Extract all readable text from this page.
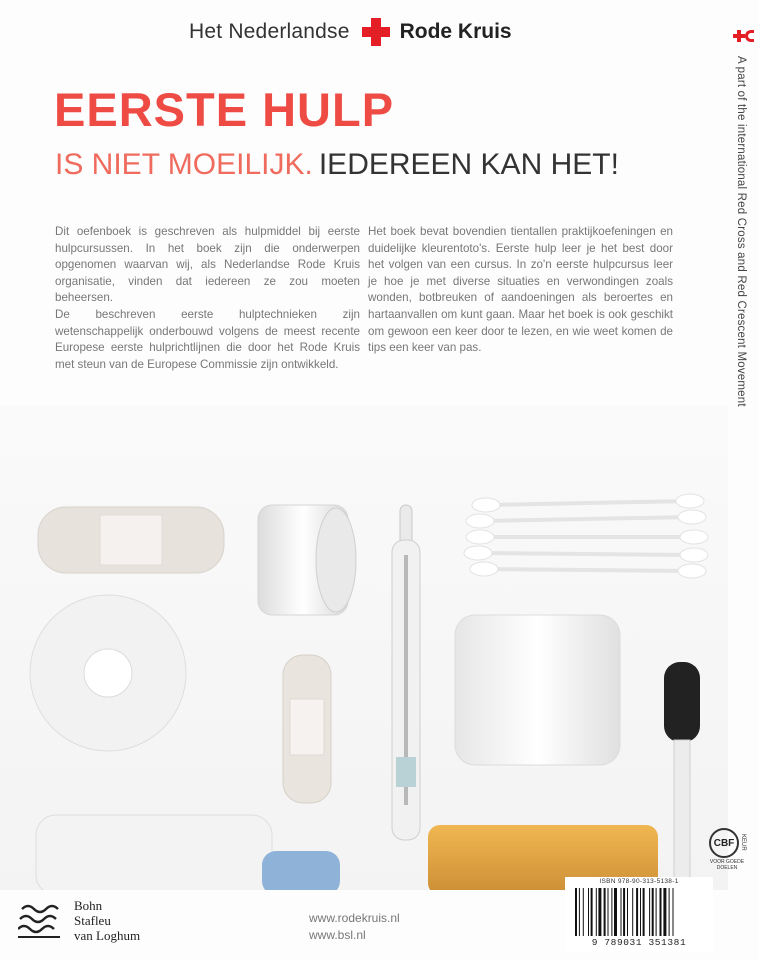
Het Nederlandse Rode Kruis
A part of the international Red Cross and Red Crescent Movement
EERSTE HULP
IS NIET MOEILIJK. IEDEREEN KAN HET!

Dit oefenboek is geschreven als hulpmiddel bij eerste hulpcursussen. In het boek zijn die onderwerpen opgenomen waarvan wij, als Nederlandse Rode Kruis organisatie, vinden dat iedereen ze zou moeten beheersen.

De beschreven eerste hulptechnieken zijn wetenschappelijk onderbouwd volgens de meest recente Europese eerste hulprichtlijnen die door het Rode Kruis met steun van de Europese Commissie zijn ontwikkeld.

Het boek bevat bovendien tientallen praktijkoefeningen en duidelijke kleurentoto's. Eerste hulp leer je het best door het volgen van een cursus. In zo'n eerste hulpcursus leer je hoe je met diverse situaties en verwondingen zoals wonden, botbreuken of aandoeningen als beroertes en hartaanvallen om kunt gaan. Maar het boek is ook geschikt om gewoon een keer door te lezen, en wie weet komen de tips een keer van pas.

Bohn
Stafleu
van Loghum
www.rodekruis.nl
www.bsl.nl
CBF KEUR
VOOR GOEDE DOELEN
ISBN 978-90-313-5138-1
9 789031 351381
